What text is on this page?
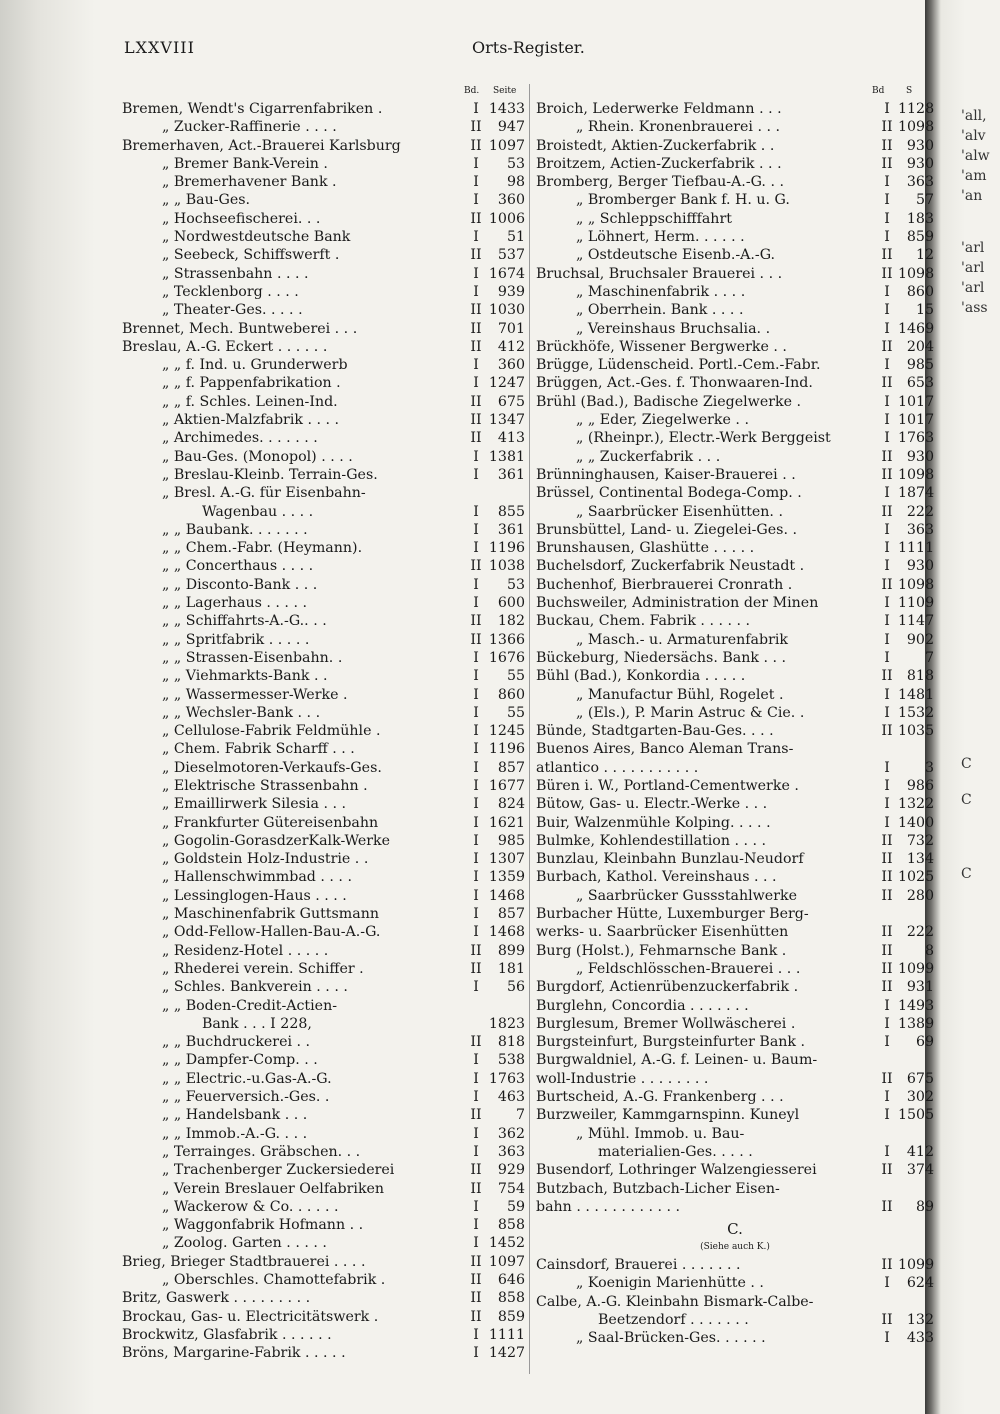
'all,
'alv
'alw
'am
'an
'arl
'arl
'arl
'ass
C
C
C
LXXVIII	Orts-Register.
Bd. Seite
Bremen, Wendt's Cigarrenfabriken .	I 1433
„ Zucker-Raffinerie . . . .	II	947
Bremerhaven, Act.-Brauerei Karlsburg	II 1097
„ Bremer Bank-Verein .	I	53
„ Bremerhavener Bank .	I	98
„ „ Bau-Ges.	I	360
„ Hochseefischerei. . .	II 1006
„ Nordwestdeutsche Bank	I	51
„ Seebeck, Schiffswerft .	II	537
„ Strassenbahn . . . .	I 1674
„ Tecklenborg . . . .	I	939
„ Theater-Ges. . . . .	II 1030
Brennet, Mech. Buntweberei . . .	II	701
Breslau, A.-G. Eckert . . . . . .	II	412
„ „ f. Ind. u. Grunderwerb	I	360
„ „ f. Pappenfabrikation .	I 1247
„ „ f. Schles. Leinen-Ind.	II	675
„ Aktien-Malzfabrik . . . .	II 1347
„ Archimedes. . . . . . .	II	413
„ Bau-Ges. (Monopol) . . . .	I 1381
„ Breslau-Kleinb. Terrain-Ges.	I	361
„ Bresl. A.-G. für Eisenbahn-
Wagenbau . . . .	I	855
„ „ Baubank. . . . . . .	I	361
„ „ Chem.-Fabr. (Heymann).	I 1196
„ „ Concerthaus . . . .	II 1038
„ „ Disconto-Bank . . .	I	53
„ „ Lagerhaus . . . . .	I	600
„ „ Schiffahrts-A.-G.. . .	II	182
„ „ Spritfabrik . . . . .	II 1366
„ „ Strassen-Eisenbahn. .	I 1676
„ „ Viehmarkts-Bank . .	I	55
„ „ Wassermesser-Werke .	I	860
„ „ Wechsler-Bank . . .	I	55
„ Cellulose-Fabrik Feldmühle .	I 1245
„ Chem. Fabrik Scharff . . .	I 1196
„ Dieselmotoren-Verkaufs-Ges.	I	857
„ Elektrische Strassenbahn .	I 1677
„ Emaillirwerk Silesia . . .	I	824
„ Frankfurter Gütereisenbahn	I 1621
„ Gogolin-GorasdzerKalk-Werke	I	985
„ Goldstein Holz-Industrie . .	I 1307
„ Hallenschwimmbad . . . .	I 1359
„ Lessinglogen-Haus . . . .	I 1468
„ Maschinenfabrik Guttsmann	I	857
„ Odd-Fellow-Hallen-Bau-A.-G.	I 1468
„ Residenz-Hotel . . . . .	II	899
„ Rhederei verein. Schiffer .	II	181
„ Schles. Bankverein . . . .	I	56
„ „ Boden-Credit-Actien-
Bank . . . I 228,	1823
„ „ Buchdruckerei . .	II	818
„ „ Dampfer-Comp. . .	I	538
„ „ Electric.-u.Gas-A.-G.	I 1763
„ „ Feuerversich.-Ges. .	I	463
„ „ Handelsbank . . .	II	7
„ „ Immob.-A.-G. . . .	I	362
„ Terrainges. Gräbschen. . .	I	363
„ Trachenberger Zuckersiederei	II	929
„ Verein Breslauer Oelfabriken	II	754
„ Wackerow & Co. . . . . .	I	59
„ Waggonfabrik Hofmann . .	I	858
„ Zoolog. Garten . . . . .	I 1452
Brieg, Brieger Stadtbrauerei . . . .	II 1097
„ Oberschles. Chamottefabrik .	II	646
Britz, Gaswerk . . . . . . . . .	II	858
Brockau, Gas- u. Electricitätswerk .	II	859
Brockwitz, Glasfabrik . . . . . .	I 1111
Bröns, Margarine-Fabrik . . . . .	I 1427
Bd S
Broich, Lederwerke Feldmann . . .	I 1128
„ Rhein. Kronenbrauerei . . .	II 1098
Broistedt, Aktien-Zuckerfabrik . .	II	930
Broitzem, Actien-Zuckerfabrik . . .	II	930
Bromberg, Berger Tiefbau-A.-G. . .	I	363
„ Bromberger Bank f. H. u. G.	I	57
„ „ Schleppschifffahrt	I	183
„ Löhnert, Herm. . . . . .	I	859
„ Ostdeutsche Eisenb.-A.-G.	II	12
Bruchsal, Bruchsaler Brauerei . . .	II 1098
„ Maschinenfabrik . . . .	I	860
„ Oberrhein. Bank . . . .	I	15
„ Vereinshaus Bruchsalia. .	I 1469
Brückhöfe, Wissener Bergwerke . .	II	204
Brügge, Lüdenscheid. Portl.-Cem.-Fabr.	I	985
Brüggen, Act.-Ges. f. Thonwaaren-Ind.	II	653
Brühl (Bad.), Badische Ziegelwerke .	I 1017
„ „ Eder, Ziegelwerke . .	I 1017
„ (Rheinpr.), Electr.-Werk Berggeist	I 1763
„ „ Zuckerfabrik . . .	II	930
Brünninghausen, Kaiser-Brauerei . .	II 1098
Brüssel, Continental Bodega-Comp. .	I 1874
„ Saarbrücker Eisenhütten. .	II	222
Brunsbüttel, Land- u. Ziegelei-Ges. .	I	363
Brunshausen, Glashütte . . . . .	I 1111
Buchelsdorf, Zuckerfabrik Neustadt .	I	930
Buchenhof, Bierbrauerei Cronrath .	II 1098
Buchsweiler, Administration der Minen	I 1109
Buckau, Chem. Fabrik . . . . . .	I 1147
„ Masch.- u. Armaturenfabrik	I	902
Bückeburg, Niedersächs. Bank . . .	I	7
Bühl (Bad.), Konkordia . . . . .	II	818
„ Manufactur Bühl, Rogelet .	I 1481
„ (Els.), P. Marin Astruc & Cie. .	I 1532
Bünde, Stadtgarten-Bau-Ges. . . .	II 1035
Buenos Aires, Banco Aleman Trans-
atlantico . . . . . . . . . . .	I	3
Büren i. W., Portland-Cementwerke .	I	986
Bütow, Gas- u. Electr.-Werke . . .	I 1322
Buir, Walzenmühle Kolping. . . . .	I 1400
Bulmke, Kohlendestillation . . . .	II	732
Bunzlau, Kleinbahn Bunzlau-Neudorf	II	134
Burbach, Kathol. Vereinshaus . . .	II 1025
„ Saarbrücker Gussstahlwerke	II	280
Burbacher Hütte, Luxemburger Berg-
werks- u. Saarbrücker Eisenhütten	II	222
Burg (Holst.), Fehmarnsche Bank .	II	8
„ Feldschlösschen-Brauerei . . .	II 1099
Burgdorf, Actienrübenzuckerfabrik .	II	931
Burglehn, Concordia . . . . . . .	I 1493
Burglesum, Bremer Wollwäscherei .	I 1389
Burgsteinfurt, Burgsteinfurter Bank .	I	69
Burgwaldniel, A.-G. f. Leinen- u. Baum-
woll-Industrie . . . . . . . .	II	675
Burtscheid, A.-G. Frankenberg . . .	I	302
Burzweiler, Kammgarnspinn. Kuneyl	I 1505
„ Mühl. Immob. u. Bau-
materialien-Ges. . . . .	I	412
Busendorf, Lothringer Walzengiesserei	II	374
Butzbach, Butzbach-Licher Eisen-
bahn . . . . . . . . . . . .	II	89
C.
(Siehe auch K.)
Cainsdorf, Brauerei . . . . . . .	II 1099
„ Koenigin Marienhütte . .	I	624
Calbe, A.-G. Kleinbahn Bismark-Calbe-
Beetzendorf . . . . . . .	II	132
„ Saal-Brücken-Ges. . . . . .	I	433
